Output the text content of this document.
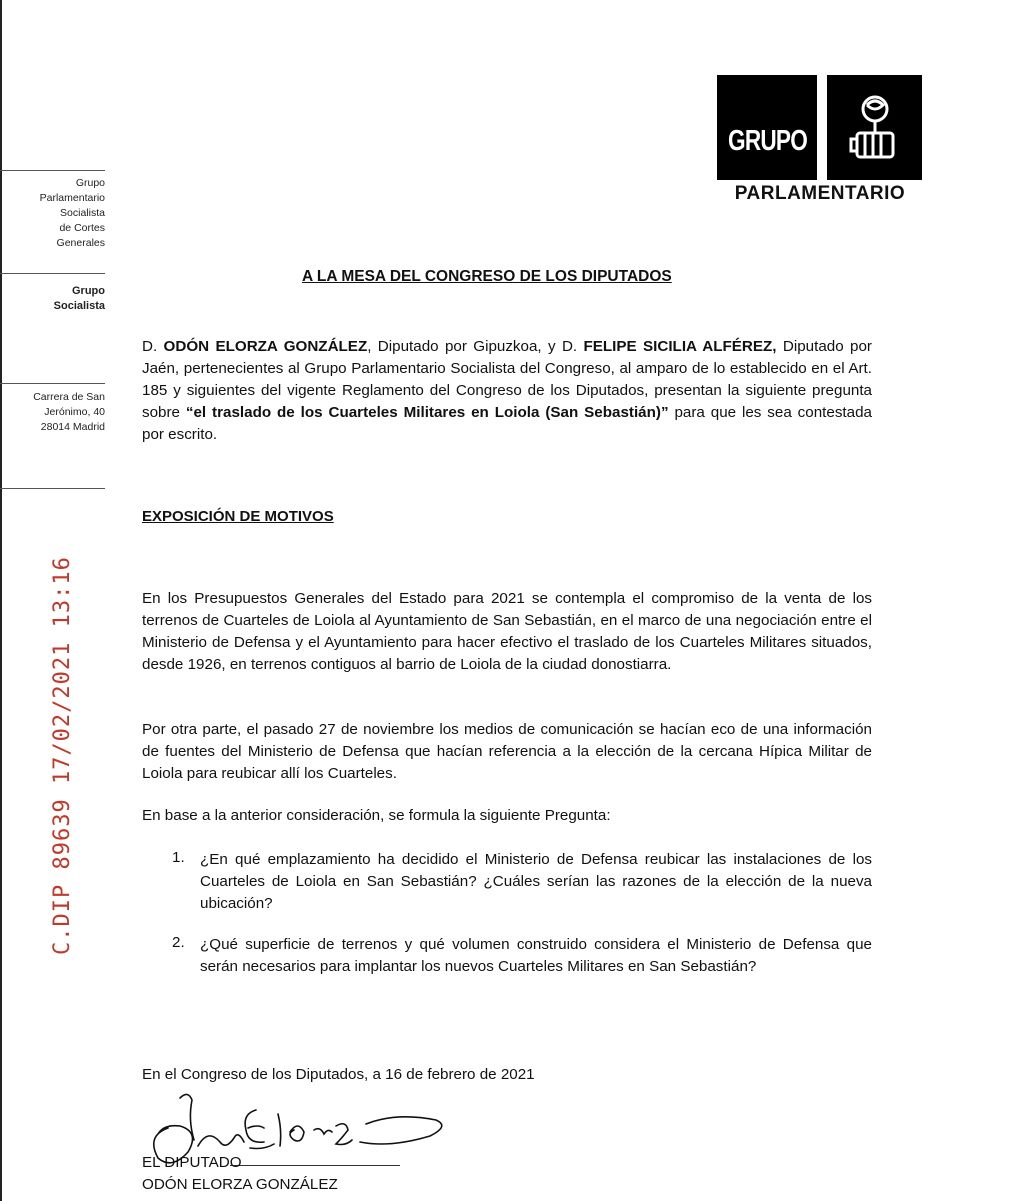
Grupo
Parlamentario
Socialista
de Cortes
Generales
Grupo
Socialista
Carrera de San
Jerónimo, 40
28014 Madrid
C.DIP 89639 17/02/2021 13:16
GRUPO
PARLAMENTARIO
A LA MESA DEL CONGRESO DE LOS DIPUTADOS
D. ODÓN ELORZA GONZÁLEZ, Diputado por Gipuzkoa, y D. FELIPE SICILIA ALFÉREZ, Diputado por Jaén, pertenecientes al Grupo Parlamentario Socialista del Congreso, al amparo de lo establecido en el Art. 185 y siguientes del vigente Reglamento del Congreso de los Diputados, presentan la siguiente pregunta sobre “el traslado de los Cuarteles Militares en Loiola (San Sebastián)” para que les sea contestada por escrito.
EXPOSICIÓN DE MOTIVOS
En los Presupuestos Generales del Estado para 2021 se contempla el compromiso de la venta de los terrenos de Cuarteles de Loiola al Ayuntamiento de San Sebastián, en el marco de una negociación entre el Ministerio de Defensa y el Ayuntamiento para hacer efectivo el traslado de los Cuarteles Militares situados, desde 1926, en terrenos contiguos al barrio de Loiola de la ciudad donostiarra.
Por otra parte, el pasado 27 de noviembre los medios de comunicación se hacían eco de una información de fuentes del Ministerio de Defensa que hacían referencia a la elección de la cercana Hípica Militar de Loiola para reubicar allí los Cuarteles.
En base a la anterior consideración, se formula la siguiente Pregunta:
1. ¿En qué emplazamiento ha decidido el Ministerio de Defensa reubicar las instalaciones de los Cuarteles de Loiola en San Sebastián? ¿Cuáles serían las razones de la elección de la nueva ubicación?
2. ¿Qué superficie de terrenos y qué volumen construido considera el Ministerio de Defensa que serán necesarios para implantar los nuevos Cuarteles Militares en San Sebastián?
En el Congreso de los Diputados, a 16 de febrero de 2021
EL DIPUTADO
ODÓN ELORZA GONZÁLEZ
